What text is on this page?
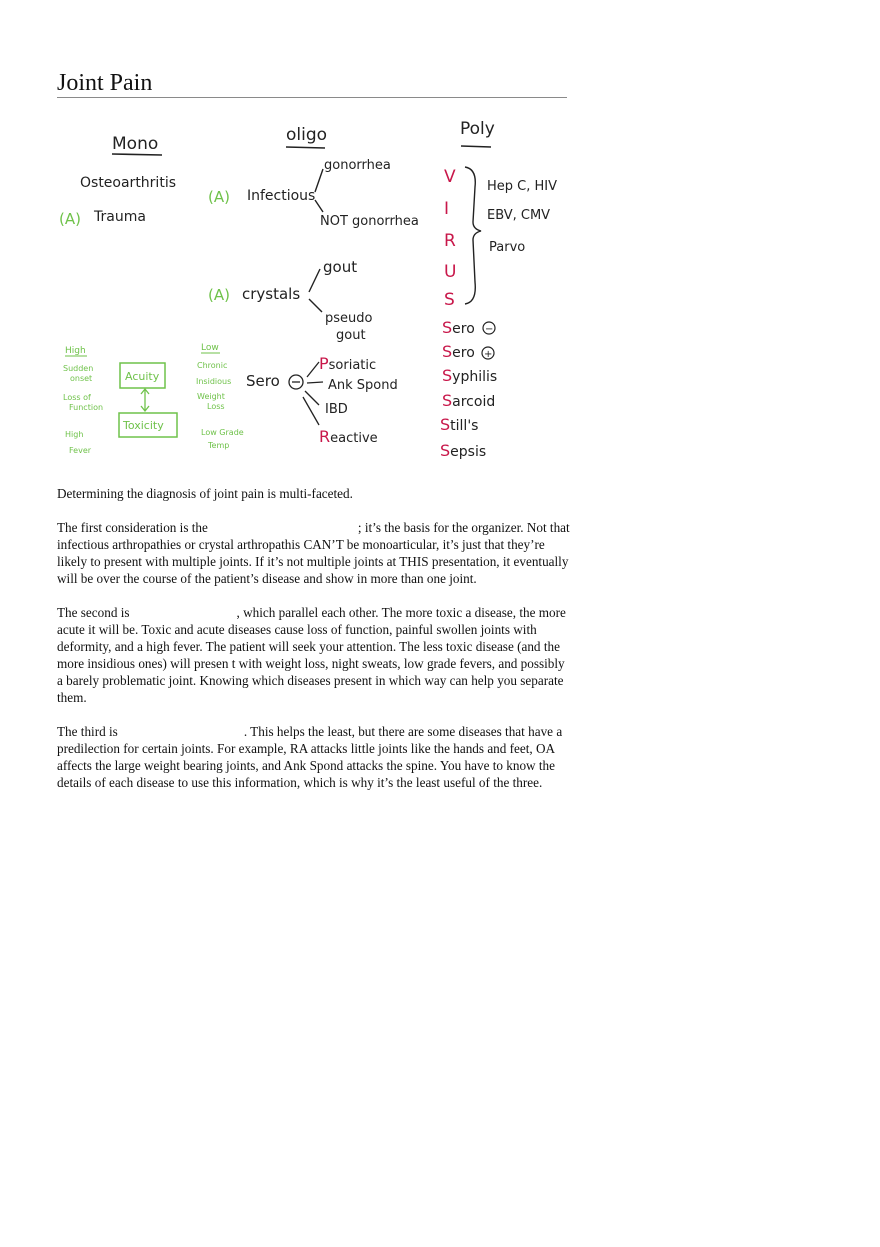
Joint Pain
Mono	oligo	Poly
Osteoarthritis
(A) Trauma
(A) Infectious
gonorrhea
NOT gonorrhea
(A) crystals
gout
pseudo
gout
Sero
Psoriatic
Ank Spond
IBD
Reactive
V
I
R
U
S
Hep C, HIV
EBV, CMV
Parvo
Sero −
Sero +
Syphilis
Sarcoid
Still's
Sepsis
High
Sudden
onset
Loss of
Function
High
Fever
Acuity
Toxicity
Low
Chronic
Insidious
Weight
Loss
Low Grade
Temp

Determining the diagnosis of joint pain is multi-faceted.

The first consideration is the	; it’s the basis for the organizer. Not that infectious arthropathies or crystal arthropathis CAN’T be monoarticular, it’s just that they’re likely to present with multiple joints. If it’s not multiple joints at THIS presentation, it eventually will be over the course of the patient’s disease and show in more than one joint.

The second is	, which parallel each other. The more toxic a disease, the more acute it will be. Toxic and acute diseases cause loss of function, painful swollen joints with deformity, and a high fever. The patient will seek your attention. The less toxic disease (and the more insidious ones) will presen t with weight loss, night sweats, low grade fevers, and possibly a barely problematic joint. Knowing which diseases present in which way can help you separate them.

The third is	. This helps the least, but there are some diseases that have a predilection for certain joints. For example, RA attacks little joints like the hands and feet, OA affects the large weight bearing joints, and Ank Spond attacks the spine. You have to know the details of each disease to use this information, which is why it’s the least useful of the three.
